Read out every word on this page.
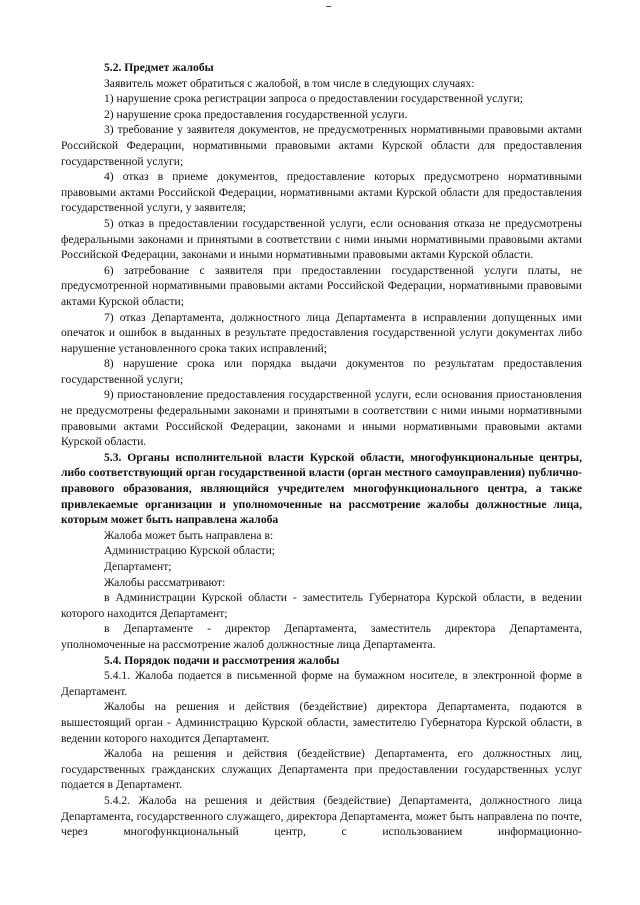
5.2. Предмет жалобы

Заявитель может обратиться с жалобой, в том числе в следующих случаях:

1) нарушение срока регистрации запроса о предоставлении государственной услуги;

2) нарушение срока предоставления государственной услуги.

3) требование у заявителя документов, не предусмотренных нормативными правовыми актами Российской Федерации, нормативными правовыми актами Курской области для предоставления государственной услуги;

4) отказ в приеме документов, предоставление которых предусмотрено нормативными правовыми актами Российской Федерации, нормативными актами Курской области для предоставления государственной услуги, у заявителя;

5) отказ в предоставлении государственной услуги, если основания отказа не предусмотрены федеральными законами и принятыми в соответствии с ними иными нормативными правовыми актами Российской Федерации, законами и иными нормативными правовыми актами Курской области.

6) затребование с заявителя при предоставлении государственной услуги платы, не предусмотренной нормативными правовыми актами Российской Федерации, нормативными правовыми актами Курской области;

7) отказ Департамента, должностного лица Департамента в исправлении допущенных ими опечаток и ошибок в выданных в результате предоставления государственной услуги документах либо нарушение установленного срока таких исправлений;

8) нарушение срока или порядка выдачи документов по результатам предоставления государственной услуги;

9) приостановление предоставления государственной услуги, если основания приостановления не предусмотрены федеральными законами и принятыми в соответствии с ними иными нормативными правовыми актами Российской Федерации, законами и иными нормативными правовыми актами Курской области.

5.3. Органы исполнительной власти Курской области, многофункциональные центры, либо соответствующий орган государственной власти (орган местного самоуправления) публично-правового образования, являющийся учредителем многофункционального центра, а также привлекаемые организации и уполномоченные на рассмотрение жалобы должностные лица, которым может быть направлена жалоба

Жалоба может быть направлена в:

Администрацию Курской области;

Департамент;

Жалобы рассматривают:

в Администрации Курской области - заместитель Губернатора Курской области, в ведении которого находится Департамент;

в Департаменте - директор Департамента, заместитель директора Департамента, уполномоченные на рассмотрение жалоб должностные лица Департамента.

5.4. Порядок подачи и рассмотрения жалобы

5.4.1. Жалоба подается в письменной форме на бумажном носителе, в электронной форме в Департамент.

Жалобы на решения и действия (бездействие) директора Департамента, подаются в вышестоящий орган - Администрацию Курской области, заместителю Губернатора Курской области, в ведении которого находится Департамент.

Жалоба на решения и действия (бездействие) Департамента, его должностных лиц, государственных гражданских служащих Департамента при предоставлении государственных услуг подается в Департамент.

5.4.2. Жалоба на решения и действия (бездействие) Департамента, должностного лица Департамента, государственного служащего, директора Департамента, может быть направлена по почте, через многофункциональный центр, с использованием информационно-
